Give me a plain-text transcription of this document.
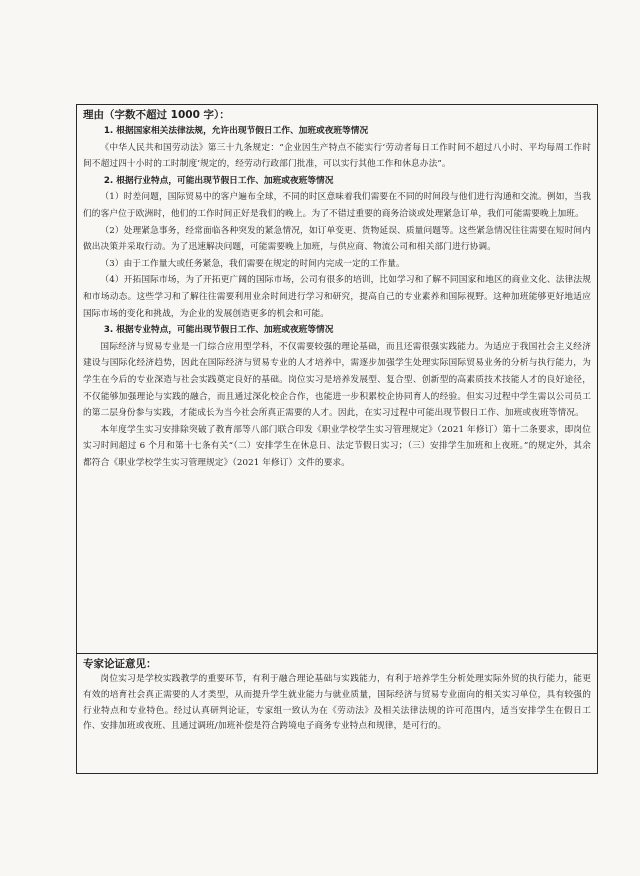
理由（字数不超过 1000 字）：

1. 根据国家相关法律法规，允许出现节假日工作、加班或夜班等情况

《中华人民共和国劳动法》第三十九条规定：“企业因生产特点不能实行‘劳动者每日工作时间不超过八小时、平均每周工作时间不超过四十小时的工时制度’规定的，经劳动行政部门批准，可以实行其他工作和休息办法”。

2. 根据行业特点，可能出现节假日工作、加班或夜班等情况

（1）时差问题，国际贸易中的客户遍布全球，不同的时区意味着我们需要在不同的时间段与他们进行沟通和交流。例如，当我们的客户位于欧洲时，他们的工作时间正好是我们的晚上。为了不错过重要的商务洽谈或处理紧急订单，我们可能需要晚上加班。

（2）处理紧急事务，经常面临各种突发的紧急情况，如订单变更、货物延误、质量问题等。这些紧急情况往往需要在短时间内做出决策并采取行动。为了迅速解决问题，可能需要晚上加班，与供应商、物流公司和相关部门进行协调。

（3）由于工作量大或任务紧急，我们需要在规定的时间内完成一定的工作量。

（4）开拓国际市场，为了开拓更广阔的国际市场，公司有很多的培训，比如学习和了解不同国家和地区的商业文化、法律法规和市场动态。这些学习和了解往往需要利用业余时间进行学习和研究，提高自己的专业素养和国际视野。这种加班能够更好地适应国际市场的变化和挑战，为企业的发展创造更多的机会和可能。

3. 根据专业特点，可能出现节假日工作、加班或夜班等情况

国际经济与贸易专业是一门综合应用型学科，不仅需要较强的理论基础，而且还需很强实践能力。为适应于我国社会主义经济建设与国际化经济趋势，因此在国际经济与贸易专业的人才培养中，需逐步加强学生处理实际国际贸易业务的分析与执行能力，为学生在今后的专业深造与社会实践奠定良好的基础。岗位实习是培养发展型、复合型、创新型的高素质技术技能人才的良好途径，不仅能够加强理论与实践的融合，而且通过深化校企合作，也能进一步积累校企协同育人的经验。但实习过程中学生需以公司员工的第二层身份参与实践，才能成长为当今社会所真正需要的人才。因此，在实习过程中可能出现节假日工作、加班或夜班等情况。

本年度学生实习安排除突破了教育部等八部门联合印发《职业学校学生实习管理规定》（2021 年修订）第十二条要求，即岗位实习时间超过 6 个月和第十七条有关“（二）安排学生在休息日、法定节假日实习；（三）安排学生加班和上夜班。”的规定外，其余都符合《职业学校学生实习管理规定》（2021 年修订）文件的要求。

专家论证意见：

岗位实习是学校实践教学的重要环节，有利于融合理论基础与实践能力，有利于培养学生分析处理实际外贸的执行能力，能更有效的培育社会真正需要的人才类型，从而提升学生就业能力与就业质量，国际经济与贸易专业面向的相关实习单位，具有较强的行业特点和专业特色。经过认真研判论证，专家组一致认为在《劳动法》及相关法律法规的许可范围内，适当安排学生在假日工作、安排加班或夜班、且通过调班/加班补偿是符合跨境电子商务专业特点和规律，是可行的。
